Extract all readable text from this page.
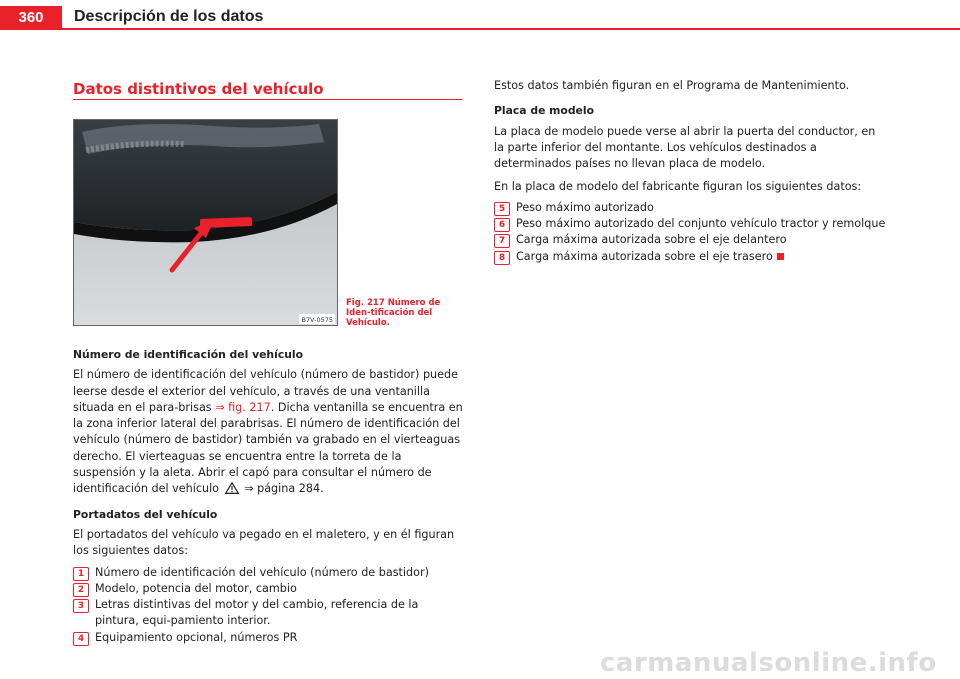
360	Descripción de los datos
Datos distintivos del vehículo
B7V-0575
Fig. 217 Número de Iden-tificación del Vehículo.

Número de identificación del vehículo

El número de identificación del vehículo (número de bastidor) puede leerse desde el exterior del vehículo, a través de una ventanilla situada en el para-brisas ⇒ fig. 217. Dicha ventanilla se encuentra en la zona inferior lateral del parabrisas. El número de identificación del vehículo (número de bastidor) también va grabado en el vierteaguas derecho. El vierteaguas se encuentra entre la torreta de la suspensión y la aleta. Abrir el capó para consultar el número de identificación del vehículo ⇒ página 284.

Portadatos del vehículo

El portadatos del vehículo va pegado en el maletero, y en él figuran los siguientes datos:

1 Número de identificación del vehículo (número de bastidor)

2 Modelo, potencia del motor, cambio

3 Letras distintivas del motor y del cambio, referencia de la pintura, equi-pamiento interior.

4 Equipamiento opcional, números PR

Estos datos también figuran en el Programa de Mantenimiento.

Placa de modelo

La placa de modelo puede verse al abrir la puerta del conductor, en la parte inferior del montante. Los vehículos destinados a determinados países no llevan placa de modelo.

En la placa de modelo del fabricante figuran los siguientes datos:

5 Peso máximo autorizado

6 Peso máximo autorizado del conjunto vehículo tractor y remolque

7 Carga máxima autorizada sobre el eje delantero

8 Carga máxima autorizada sobre el eje trasero

carmanualsonline.info
